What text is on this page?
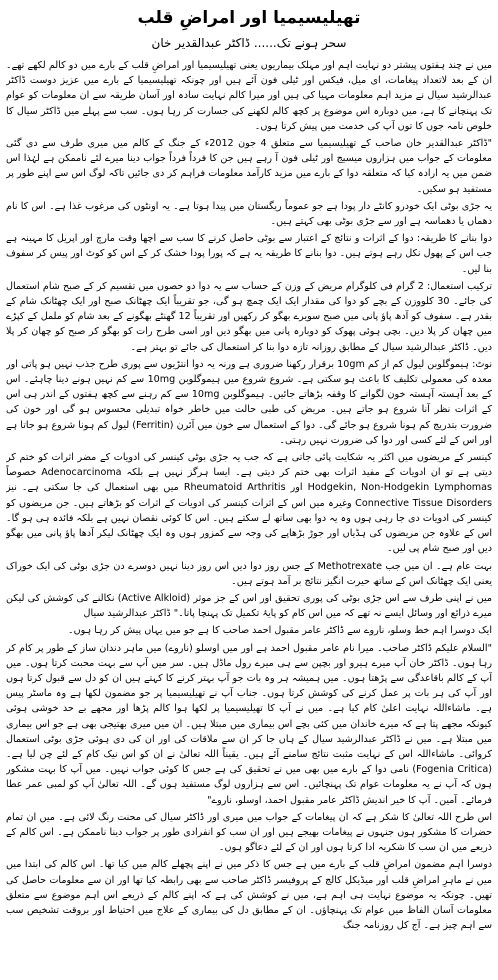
تھیلیسیمیا اور امراضِ قلب
سحر ہونے تک...... ڈاکٹر عبدالقدیر خان

میں نے چند ہفتوں پیشتر دو نہایت اہم اور مہلک بیماریوں یعنی تھیلیسیمیا اور امراضِ قلب کے بارے میں دو کالم لکھے تھے۔ ان کے بعد لاتعداد پیغامات، ای میل، فیکس اور ٹیلی فون آئے ہیں اور چونکہ تھیلیسیمیا کے بارے میں عزیز دوست ڈاکٹر عبدالرشید سیال نے مزید اہم معلومات مہیا کی ہیں اور میرا کالم نہایت سادہ اور آسان طریقہ سے ان معلومات کو عوام تک پہنچانے کا ہے، میں دوبارہ اس موضوع پر کچھ کالم لکھنے کی جسارت کر رہا ہوں۔ سب سے پہلے میں ڈاکٹر سیال کا خلوص نامہ جوں کا توں آپ کی خدمت میں پیش کرتا ہوں۔

"ڈاکٹر عبدالقدیر خان صاحب کے تھیلیسیمیا سے متعلق 4 جون 2012ء کے جنگ کے کالم میں میری طرف سے دی گئی معلومات کے جواب میں ہزاروں میسیج اور ٹیلی فون آ رہے ہیں جن کا فرداً فرداً جواب دینا میرے لئے ناممکن ہے لہٰذا اس ضمن میں یہ ارادہ کیا کہ متعلقہ دوا کے بارے میں مزید کارآمد معلومات فراہم کر دی جائیں تاکہ لوگ اس سے اپنے طور پر مستفید ہو سکیں۔

یہ جڑی بوٹی ایک خودرو کانٹے دار پودا ہے جو عموماً ریگستان میں پیدا ہوتا ہے۔ یہ اونٹوں کی مرغوب غذا ہے۔ اس کا نام دھماں یا دھماسہ ہے اور سے جڑی بوٹی بھی کہتے ہیں۔

دوا بنانے کا طریقہ: دوا کے اثرات و نتائج کے اعتبار سے بوٹی حاصل کرنے کا سب سے اچھا وقت مارچ اور اپریل کا مہینہ ہے جب اس کے پھول نکل رہے ہوتے ہیں۔ دوا بنانے کا طریقہ یہ ہے کہ پورا پودا خشک کر کے اس کو کوٹ اور پیس کر سفوف بنا لیں۔

ترکیب استعمال: 2 گرام فی کلوگرام مریض کے وزن کے حساب سے یہ دوا دو حصوں میں تقسیم کر کے صبح شام استعمال کی جائے۔ 30 کلووزن کے بچے کو دوا کی مقدار ایک ایک چمچ ہو گی، جو تقریباً ایک چھٹانک صبح اور ایک چھٹانک شام کے بقدر ہے۔ سفوف کو آدھ پاؤ پانی میں صبح سویرے بھگو کر رکھیں اور تقریباً 12 گھنٹے بھگونے کے بعد شام کو ململ کے کپڑے میں چھان کر پلا دیں۔ بچی ہوئی پھوک کو دوبارہ پانی میں بھگو دیں اور اسی طرح رات کو بھگو کر صبح کو چھان کر پلا دیں۔ ڈاکٹر عبدالرشید سیال کے مطابق روزانہ تازہ دوا بنا کر استعمال کی جائے تو بہتر ہے۔

نوٹ: ہیموگلوبن لیول کم از کم 10gm برقرار رکھنا ضروری ہے ورنہ یہ دوا انتڑیوں سے پوری طرح جذب نہیں ہو پاتی اور معدہ کی معمولی تکلیف کا باعث ہو سکتی ہے۔ شروع شروع میں ہیموگلوبن 10mg سے کم نہیں ہونے دینا چاہئے۔ اس کے بعد آہستہ آہستہ خون لگوانے کا وقفہ بڑھاتے جائیں۔ ہیموگلوبن 10mg سے کم رہنے سے کچھ ہفتوں کے اندر ہی اس کے اثرات نظر آنا شروع ہو جاتے ہیں۔ مریض کی طبی حالت میں خاطر خواہ تبدیلی محسوس ہو گی اور خون کی ضرورت بتدریج کم ہونا شروع ہو جائے گی۔ دوا کے استعمال سے خون میں آئرن (Ferritin) لیول کم ہونا شروع ہو جاتا ہے اور اس کے لئے کسی اور دوا کی ضرورت نہیں رہتی۔

کینسر کے مریضوں میں اکثر یہ شکایت پائی جاتی ہے کہ جب یہ جڑی بوٹی کینسر کی ادویات کے مضر اثرات کو ختم کر دیتی ہے تو ان ادویات کے مفید اثرات بھی ختم کر دیتی ہے۔ ایسا ہرگز نہیں ہے بلکہ Adenocarcinoma خصوصاً Hodgekin, Non-Hodgekin Lymphomas اور Rheumatoid Arthritis میں بھی استعمال کی جا سکتی ہے۔ نیز Connective Tissue Disorders وغیرہ میں اس کے اثرات کینسر کی ادویات کے اثرات کو بڑھاتے ہیں۔ جن مریضوں کو کینسر کی ادویات دی جا رہی ہوں وہ یہ دوا بھی ساتھ لے سکتے ہیں۔ اس کا کوئی نقصان نہیں ہے بلکہ فائدہ ہی ہو گا۔ اس کے علاوہ جن مریضوں کی ہڈیاں اور جوڑ بڑھاپے کی وجہ سے کمزور ہوں وہ ایک چھٹانک لیکر آدھا پاؤ پانی میں بھگو دیں اور صبح شام پی لیں۔

بہت عام ہے۔ ان میں جب Methotrexate کے جس روز دوا دیں اس روز دینا نہیں دوسرے دن جڑی بوٹی کی ایک خوراک یعنی ایک چھٹانک اس کے ساتھ حیرت انگیز نتائج بر آمد ہوتے ہیں۔

میں نے اپنی طرف سے اس جڑی بوٹی کی پوری تحقیق اور اس کے جز موثر (Active Alkloid) نکالنے کی کوشش کی لیکن میرے ذرائع اور وسائل ایسے نہ تھے کہ میں اس کام کو پایۂ تکمیل تک پہنچا پاتا۔" ڈاکٹر عبدالرشید سیال

ایک دوسرا اہم خط وسلو، ناروے سے ڈاکٹر عامر مقبول احمد صاحب کا ہے جو میں یہاں پیش کر رہا ہوں۔

"السلام علیکم ڈاکٹر صاحب۔ میرا نام عامر مقبول احمد ہے اور میں اوسلو (ناروے) میں ماہر دندان ساز کے طور پر کام کر رہا ہوں۔ ڈاکٹر خان آپ میرے ہیرو اور بچپن سے ہی میرے رول ماڈل ہیں۔ سر میں آپ سے بہت محبت کرتا ہوں۔ میں آپ کے کالم باقاعدگی سے پڑھتا ہوں۔ میں ہمیشہ ہر وہ بات جو آپ بہتر کرنے کا کہتے ہیں ان کو دل سے قبول کرتا ہوں اور آپ کی ہر بات پر عمل کرنے کی کوشش کرتا ہوں۔ جناب آپ نے تھیلیسیمیا پر جو مضمون لکھا ہے وہ ماسٹر پیس ہے۔ ماشاءاللہ نہایت اعلیٰ کام کیا ہے۔ میں نے آپ کا تھیلیسیمیا پر لکھا ہوا کالم پڑھا اور مجھے بے حد خوشی ہوئی کیونکہ مجھے پتا ہے کہ میرے خاندان میں کئی بچے اس بیماری میں مبتلا ہیں۔ ان میں میری بھتیجی بھی ہے جو اس بیماری میں مبتلا ہے۔ میں نے ڈاکٹر عبدالرشید سیال کے ہاں جا کر ان سے ملاقات کی اور ان کی دی ہوئی جڑی بوٹی استعمال کروائی۔ ماشاءاللہ اس کے نہایت مثبت نتائج سامنے آئے ہیں۔ یقیناً اللہ تعالیٰ نے ان کو اس نیک کام کے لئے چن لیا ہے۔ (Fogenia Critica) نامی دوا کے بارے میں بھی میں نے تحقیق کی ہے جس کا کوئی جواب نہیں۔ میں آپ کا بہت مشکور ہوں کہ آپ نے یہ معلومات عوام تک پہنچائیں۔ اس سے ہزاروں لوگ مستفید ہوں گے۔ اللہ تعالیٰ آپ کو لمبی عمر عطا فرمائے۔ آمین۔ آپ کا خیر اندیش ڈاکٹر عامر مقبول احمد، اوسلو، ناروے"

اس طرح اللہ تعالیٰ کا شکر ہے کہ ان پیغامات کے جواب میں میری اور ڈاکٹر سیال کی محنت رنگ لائی ہے۔ میں ان تمام حضرات کا مشکور ہوں جنہوں نے پیغامات بھیجے ہیں اور ان سب کو انفرادی طور پر جواب دینا ناممکن ہے۔ اس کالم کے ذریعے میں ان سب کا شکریہ ادا کرتا ہوں اور ان کے لئے دعاگو ہوں۔

دوسرا اہم مضمون امراضِ قلب کے بارے میں ہے جس کا ذکر میں نے اپنے پچھلے کالم میں کیا تھا۔ اس کالم کی ابتدا میں میں نے ماہرِ امراضِ قلب اور میڈیکل کالج کے پروفیسر ڈاکٹر صاحب سے بھی رابطہ کیا تھا اور ان سے معلومات حاصل کی تھیں۔ چونکہ یہ موضوع نہایت ہی اہم ہے، میں نے کوشش کی ہے کہ اپنے کالم کے ذریعے اس اہم موضوع سے متعلق معلومات آسان الفاظ میں عوام تک پہنچاؤں۔ ان کے مطابق دل کی بیماری کے علاج میں احتیاط اور بروقت تشخیص سب سے اہم چیز ہے۔ آج کل روزنامہ جنگ
